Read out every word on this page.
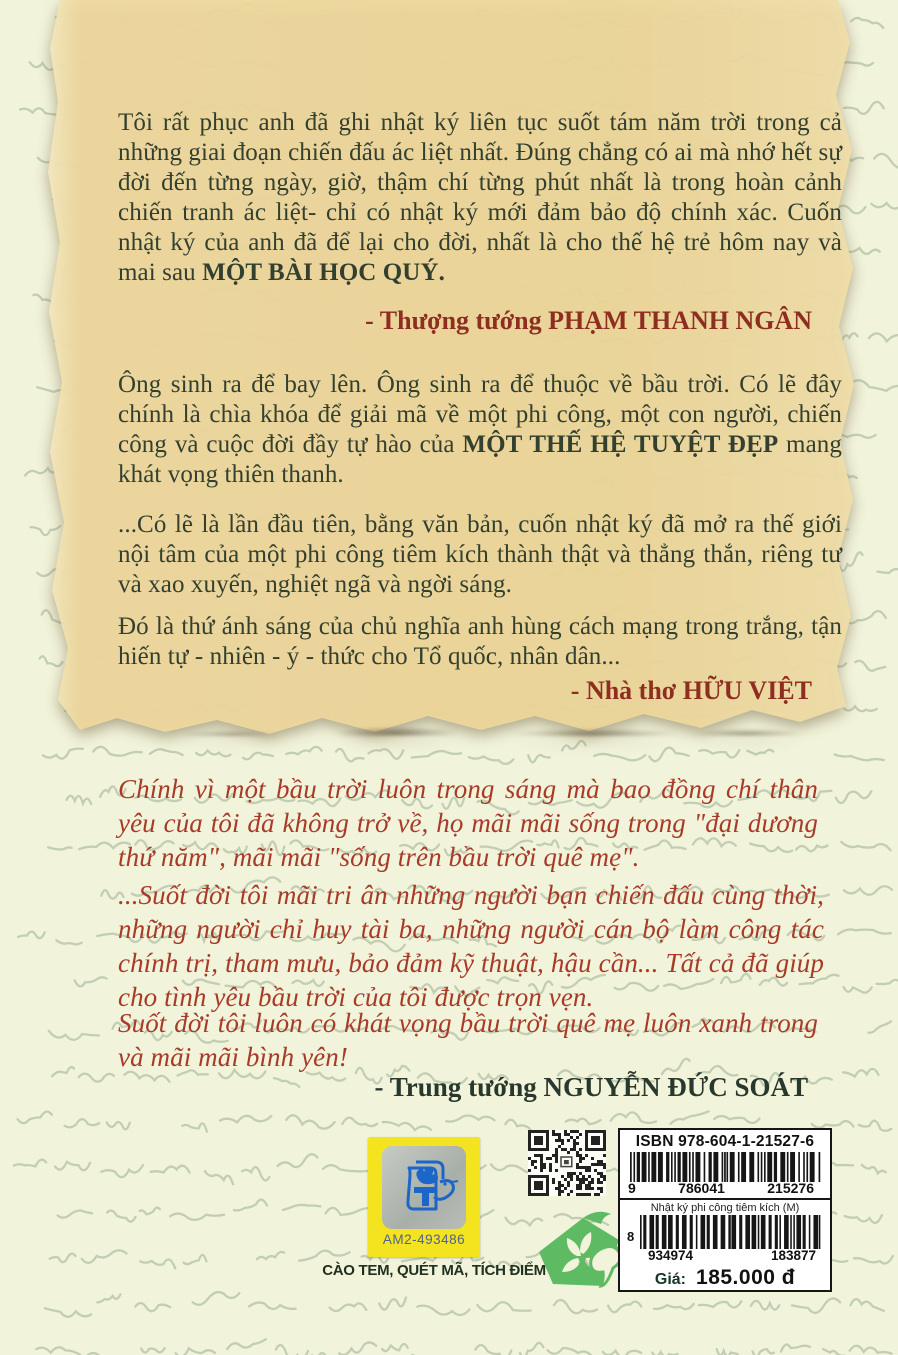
Tôi rất phục anh đã ghi nhật ký liên tục suốt tám năm trời trong cả những giai đoạn chiến đấu ác liệt nhất. Đúng chẳng có ai mà nhớ hết sự đời đến từng ngày, giờ, thậm chí từng phút nhất là trong hoàn cảnh chiến tranh ác liệt- chỉ có nhật ký mới đảm bảo độ chính xác. Cuốn nhật ký của anh đã để lại cho đời, nhất là cho thế hệ trẻ hôm nay và mai sau MỘT BÀI HỌC QUÝ.
- Thượng tướng PHẠM THANH NGÂN
Ông sinh ra để bay lên. Ông sinh ra để thuộc về bầu trời. Có lẽ đây chính là chìa khóa để giải mã về một phi công, một con người, chiến công và cuộc đời đầy tự hào của MỘT THẾ HỆ TUYỆT ĐẸP mang khát vọng thiên thanh.
...Có lẽ là lần đầu tiên, bằng văn bản, cuốn nhật ký đã mở ra thế giới nội tâm của một phi công tiêm kích thành thật và thẳng thắn, riêng tư và xao xuyến, nghiệt ngã và ngời sáng.
Đó là thứ ánh sáng của chủ nghĩa anh hùng cách mạng trong trắng, tận hiến tự - nhiên - ý - thức cho Tổ quốc, nhân dân...
- Nhà thơ HỮU VIỆT
Chính vì một bầu trời luôn trong sáng mà bao đồng chí thân yêu của tôi đã không trở về, họ mãi mãi sống trong "đại dương thứ năm", mãi mãi "sống trên bầu trời quê mẹ".
...Suốt đời tôi mãi tri ân những người bạn chiến đấu cùng thời, những người chỉ huy tài ba, những người cán bộ làm công tác chính trị, tham mưu, bảo đảm kỹ thuật, hậu cần... Tất cả đã giúp cho tình yêu bầu trời của tôi được trọn vẹn.
Suốt đời tôi luôn có khát vọng bầu trời quê mẹ luôn xanh trong và mãi mãi bình yên!
- Trung tướng NGUYỄN ĐỨC SOÁT
AM2-493486
CÀO TEM, QUÉT MÃ, TÍCH ĐIỂM
ISBN 978-604-1-21527-6
9	786041	215276
Nhật ký phi công tiêm kích (M)
8
934974	183877
Giá: 185.000 đ
